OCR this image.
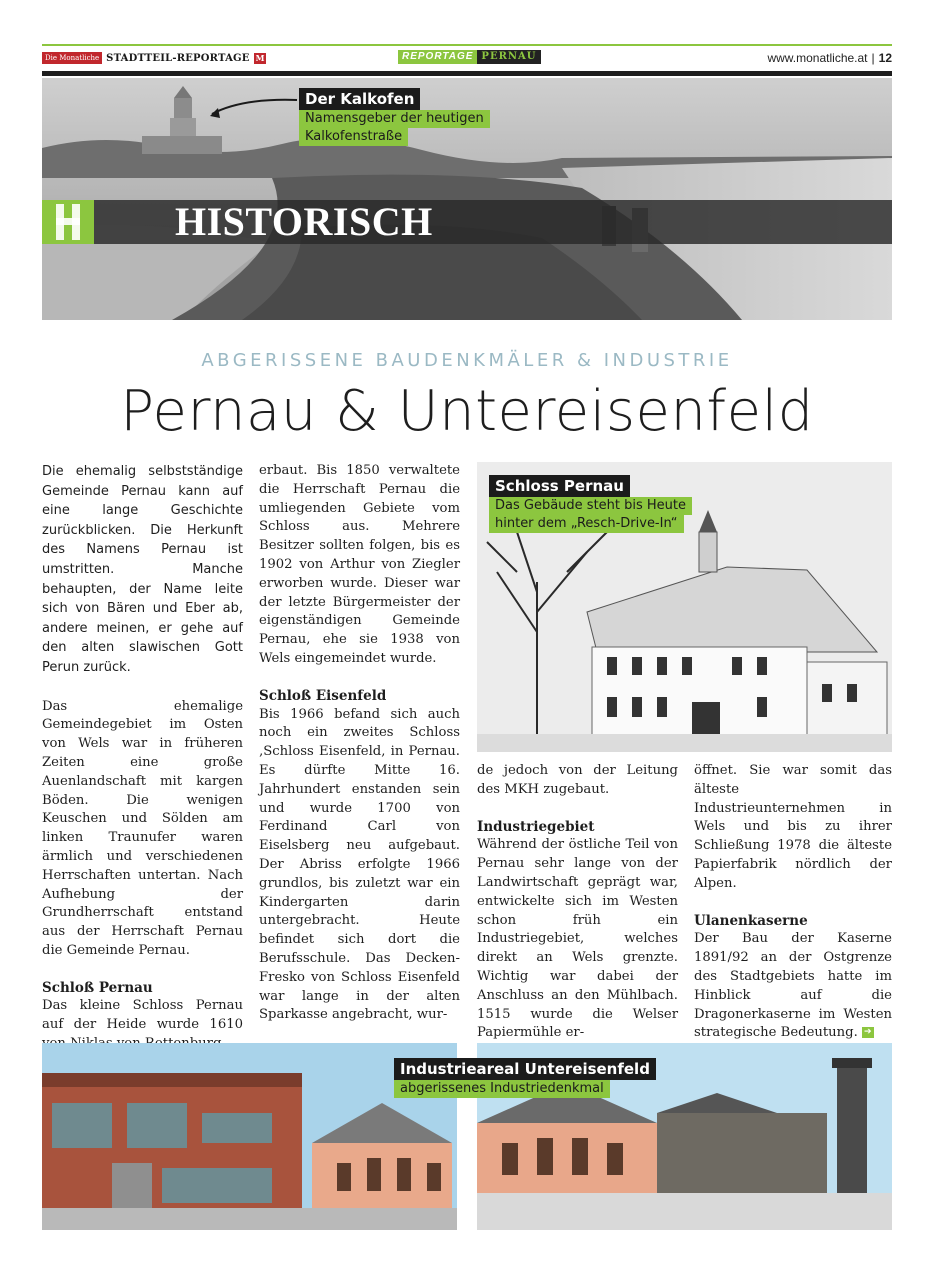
Die Monatliche STADTTEIL-REPORTAGE M	REPORTAGE PERNAU	www.monatliche.at | 12
Der Kalkofen
Namensgeber der heutigen
Kalkofenstraße
HISTORISCH
ABGERISSENE BAUDENKMÄLER & INDUSTRIE
Pernau & Untereisenfeld

Die ehemalig selbstständige Gemeinde Pernau kann auf eine lange Geschichte zurückblicken. Die Herkunft des Namens Pernau ist umstritten. Manche behaupten, der Name leite sich von Bären und Eber ab, andere meinen, er gehe auf den alten slawischen Gott Perun zurück.

Das ehemalige Gemeindegebiet im Osten von Wels war in früheren Zeiten eine große Auenlandschaft mit kargen Böden. Die wenigen Keuschen und Sölden am linken Traunufer waren ärmlich und verschiedenen Herrschaften untertan. Nach Aufhebung der Grundherrschaft entstand aus der Herrschaft Pernau die Gemeinde Pernau.

Schloß Pernau

Das kleine Schloss Pernau auf der Heide wurde 1610

erbaut. Bis 1850 verwaltete die Herrschaft Pernau die umliegenden Gebiete vom Schloss aus. Mehrere Besitzer sollten folgen, bis es 1902 von Arthur von Ziegler erworben wurde. Dieser war der letzte Bürgermeister der eigenständigen Gemeinde Pernau, ehe sie 1938 von Wels eingemeindet wurde.

Schloß Eisenfeld

Bis 1966 befand sich auch noch ein zweites Schloss ‚Schloss Eisenfeld, in Pernau. Es dürfte Mitte 16. Jahrhundert enstanden sein und wurde 1700 von Ferdinand Carl von Eiselsberg neu aufgebaut. Der Abriss erfolgte 1966 grundlos, bis zuletzt war ein Kindergarten darin untergebracht. Heute befindet sich dort die Berufsschule. Das Decken-Fresko von Schloss Eisenfeld war lange in der alten Sparkasse angebracht, wur-

Schloss Pernau
Das Gebäude steht bis Heute
hinter dem „Resch-Drive-In“

de jedoch von der Leitung des MKH zugebaut.

Industriegebiet

Während der östliche Teil von Pernau sehr lange von der Landwirtschaft geprägt war, entwickelte sich im Westen schon früh ein Industriegebiet, welches direkt an Wels grenzte. Wichtig war dabei der Anschluss an den Mühlbach. 1515 wurde die Welser Papiermühle er-

öffnet. Sie war somit das älteste Industrieunternehmen in Wels und bis zu ihrer Schließung 1978 die älteste Papierfabrik nördlich der Alpen.

Ulanenkaserne

Der Bau der Kaserne 1891/92 an der Ostgrenze des Stadtgebiets hatte im Hinblick auf die Dragonerkaserne im Westen strategische Bedeutung. ➔

Industrieareal Untereisenfeld
abgerissenes Industriedenkmal
